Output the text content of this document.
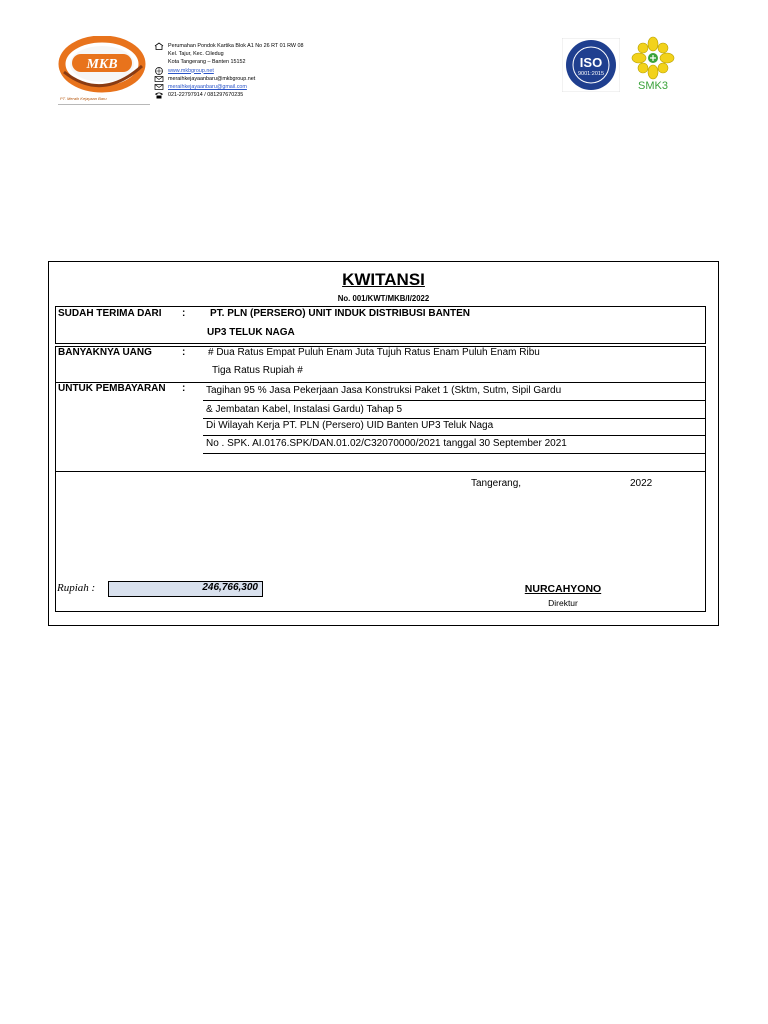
MKB
PT. Meraih Kejayaan Baru
Perumahan Pondok Kartika Blok A1 No 26 RT 01 RW 08
Kel. Tajur, Kec. Ciledug
Kota Tangerang – Banten 15152
www.mkbgroup.net
meraihkejayaanbaru@mkbgroup.net
meraihkejayaanbaru@gmail.com
021-22797914 / 081297670235
ISO
9001:2015
SMK3
KWITANSI
No. 001/KWT/MKB/I/2022
SUDAH TERIMA DARI : PT. PLN (PERSERO) UNIT INDUK DISTRIBUSI BANTEN
UP3 TELUK NAGA
BANYAKNYA UANG	: # Dua Ratus Empat Puluh Enam Juta Tujuh Ratus Enam Puluh Enam Ribu
Tiga Ratus Rupiah #
UNTUK PEMBAYARAN : Tagihan 95 % Jasa Pekerjaan Jasa Konstruksi Paket 1 (Sktm, Sutm, Sipil Gardu
& Jembatan Kabel, Instalasi Gardu) Tahap 5
Di Wilayah Kerja PT. PLN (Persero) UID Banten UP3 Teluk Naga
No . SPK. AI.0176.SPK/DAN.01.02/C32070000/2021 tanggal 30 September 2021
Tangerang,	2022
Rupiah :	246,766,300	NURCAHYONO
Direktur
